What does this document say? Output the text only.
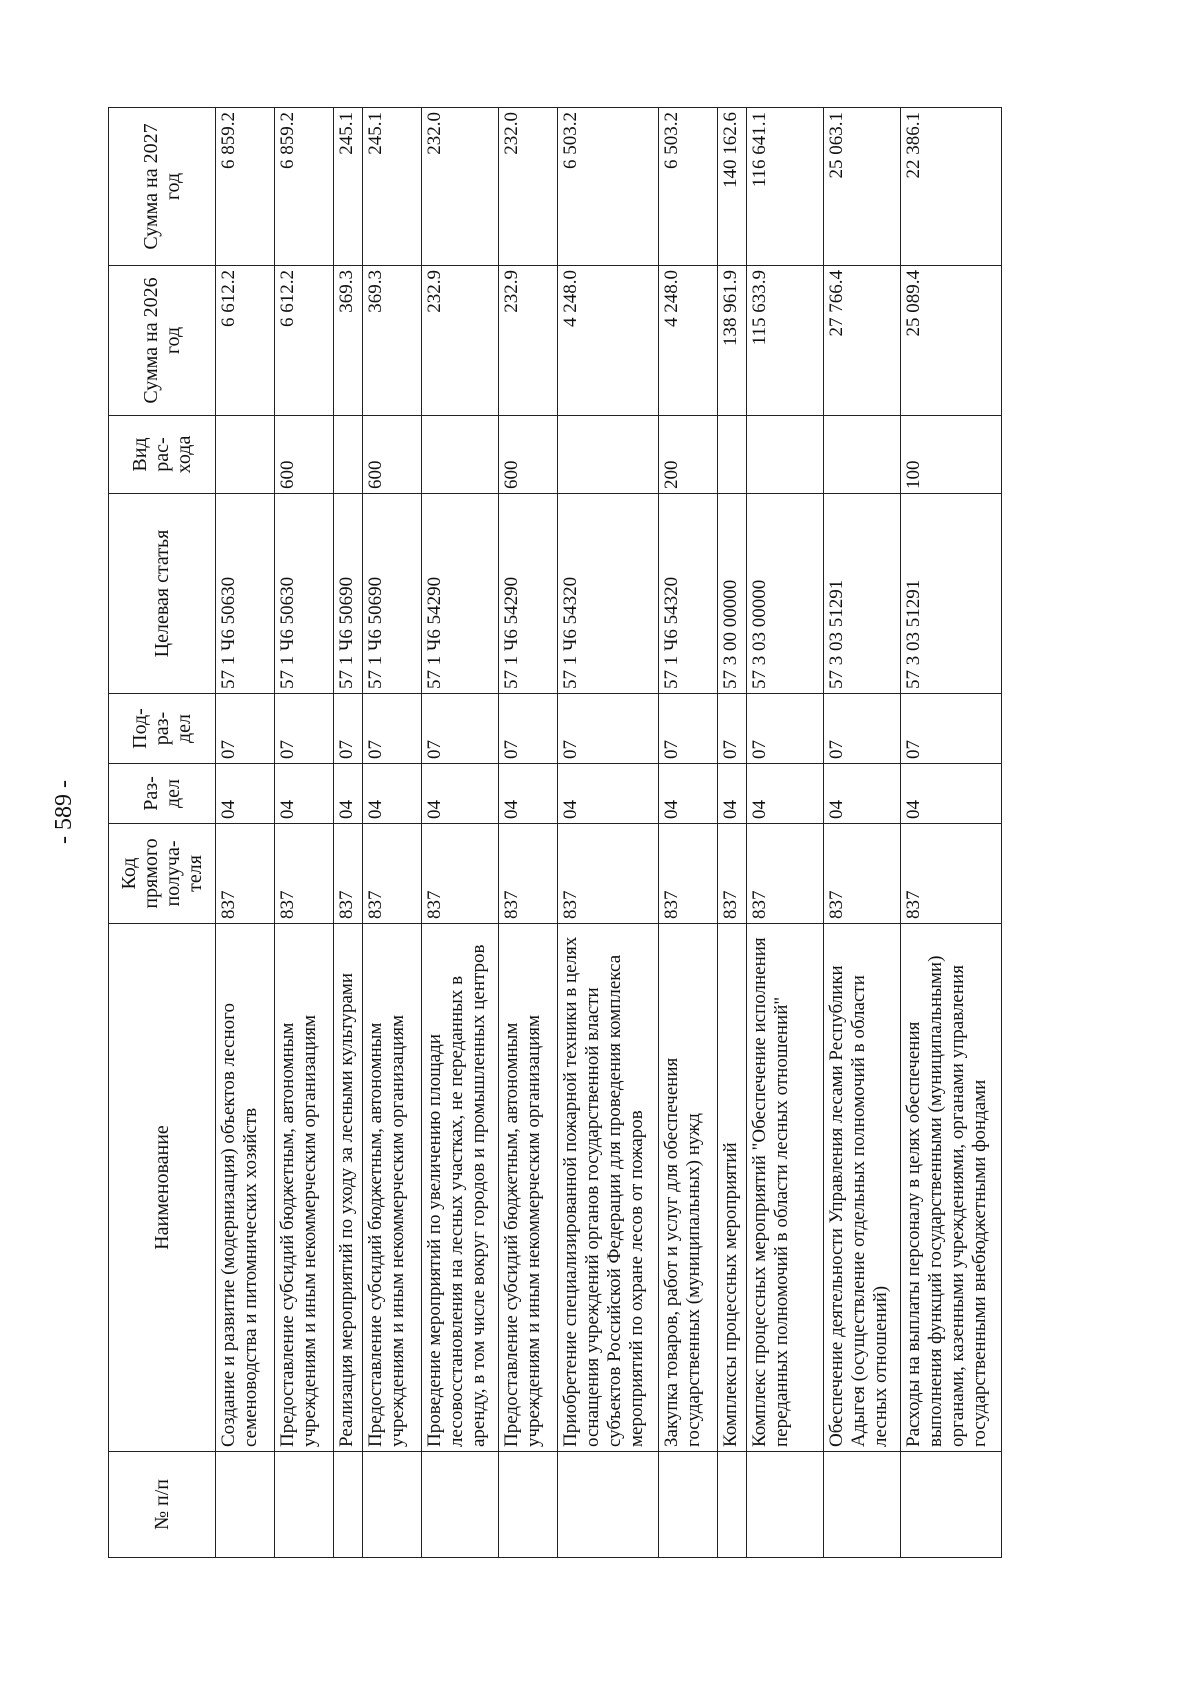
- 589 -
№ п/п	Наименование	Код прямого получа-теля	Раз-дел	Под-раз-дел	Целевая статья	Вид рас-хода	Сумма на 2026 год	Сумма на 2027 год
	Создание и развитие (модернизация) объектов лесного семеноводства и питомнических хозяйств	837	04	07	57 1 Ч6 50630		6 612.2	6 859.2
	Предоставление субсидий бюджетным, автономным учреждениям и иным некоммерческим организациям	837	04	07	57 1 Ч6 50630	600	6 612.2	6 859.2
	Реализация мероприятий по уходу за лесными культурами	837	04	07	57 1 Ч6 50690		369.3	245.1
	Предоставление субсидий бюджетным, автономным учреждениям и иным некоммерческим организациям	837	04	07	57 1 Ч6 50690	600	369.3	245.1
	Проведение мероприятий по увеличению площади лесовосстановления на лесных участках, не переданных в аренду, в том числе вокруг городов и промышленных центров	837	04	07	57 1 Ч6 54290		232.9	232.0
	Предоставление субсидий бюджетным, автономным учреждениям и иным некоммерческим организациям	837	04	07	57 1 Ч6 54290	600	232.9	232.0
	Приобретение специализированной пожарной техники в целях оснащения учреждений органов государственной власти субъектов Российской Федерации для проведения комплекса мероприятий по охране лесов от пожаров	837	04	07	57 1 Ч6 54320		4 248.0	6 503.2
	Закупка товаров, работ и услуг для обеспечения государственных (муниципальных) нужд	837	04	07	57 1 Ч6 54320	200	4 248.0	6 503.2
	Комплексы процессных мероприятий	837	04	07	57 3 00 00000		138 961.9	140 162.6
	Комплекс процессных мероприятий "Обеспечение исполнения переданных полномочий в области лесных отношений"	837	04	07	57 3 03 00000		115 633.9	116 641.1
	Обеспечение деятельности Управления лесами Республики Адыгея (осуществление отдельных полномочий в области лесных отношений)	837	04	07	57 3 03 51291		27 766.4	25 063.1
	Расходы на выплаты персоналу в целях обеспечения выполнения функций государственными (муниципальными) органами, казенными учреждениями, органами управления государственными внебюджетными фондами	837	04	07	57 3 03 51291	100	25 089.4	22 386.1
